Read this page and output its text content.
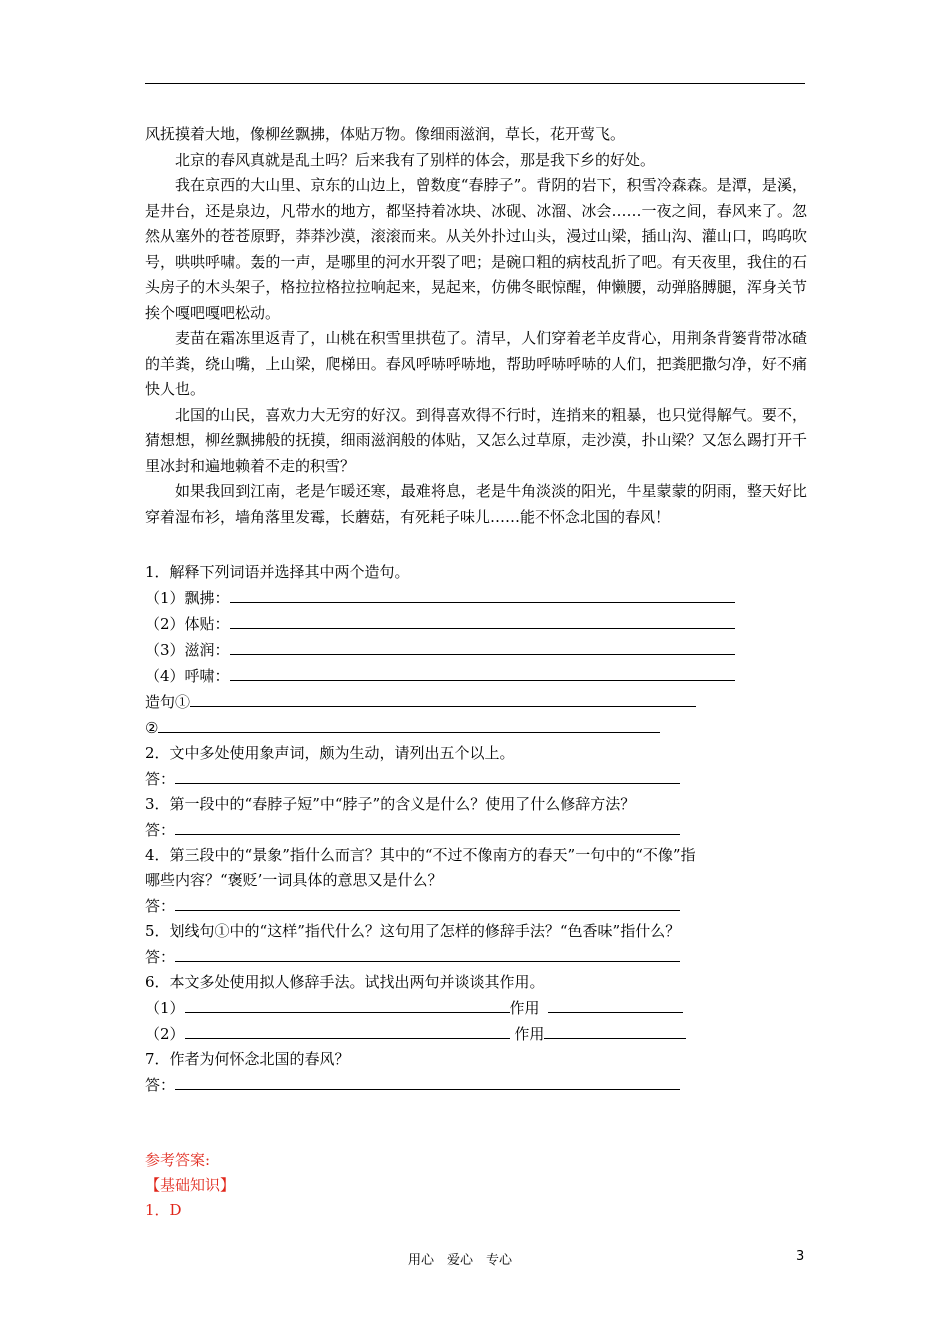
风抚摸着大地，像柳丝飘拂，体贴万物。像细雨滋润，草长，花开莺飞。

北京的春风真就是乱土吗？后来我有了别样的体会，那是我下乡的好处。

我在京西的大山里、京东的山边上，曾数度“春脖子”。背阴的岩下，积雪冷森森。是潭，是溪，是井台，还是泉边，凡带水的地方，都坚持着冰块、冰砚、冰溜、冰会……一夜之间，春风来了。忽然从塞外的苍苍原野，莽莽沙漠，滚滚而来。从关外扑过山头，漫过山梁，插山沟、灌山口，呜呜吹号，哄哄呼啸。轰的一声，是哪里的河水开裂了吧；是碗口粗的病枝乱折了吧。有天夜里，我住的石头房子的木头架子，格拉拉格拉拉响起来，晃起来，仿佛冬眠惊醒，伸懒腰，动弹胳膊腿，浑身关节挨个嘎吧嘎吧松动。

麦苗在霜冻里返青了，山桃在积雪里拱苞了。清早，人们穿着老羊皮背心，用荆条背篓背带冰碴的羊粪，绕山嘴，上山梁，爬梯田。春风呼哧呼哧地，帮助呼哧呼哧的人们，把粪肥撒匀净，好不痛快人也。

北国的山民，喜欢力大无穷的好汉。到得喜欢得不行时，连捎来的粗暴，也只觉得解气。要不，猜想想，柳丝飘拂般的抚摸，细雨滋润般的体贴，又怎么过草原，走沙漠，扑山梁？又怎么踢打开千里冰封和遍地赖着不走的积雪？

如果我回到江南，老是乍暖还寒，最难将息，老是牛角淡淡的阳光，牛星蒙蒙的阴雨，整天好比穿着湿布衫，墙角落里发霉，长蘑菇，有死耗子味儿……能不怀念北国的春风！

1．解释下列词语并选择其中两个造句。
（1）飘拂：
（2）体贴：
（3）滋润：
（4）呼啸：
造句①
②
2．文中多处使用象声词，颇为生动，请列出五个以上。
答：
3．第一段中的“春脖子短”中“脖子”的含义是什么？使用了什么修辞方法？
答：
4．第三段中的“景象”指什么而言？其中的“不过不像南方的春天”一句中的“不像”指
哪些内容？“褒贬’一词具体的意思又是什么？
答：
5．划线句①中的“这样”指代什么？这句用了怎样的修辞手法？“色香味”指什么？
答：
6．本文多处使用拟人修辞手法。试找出两句并谈谈其作用。
（1）	作用
（2）	作用
7．作者为何怀念北国的春风？
答：
参考答案:
【基础知识】
1．D
用心　爱心　专心	3
